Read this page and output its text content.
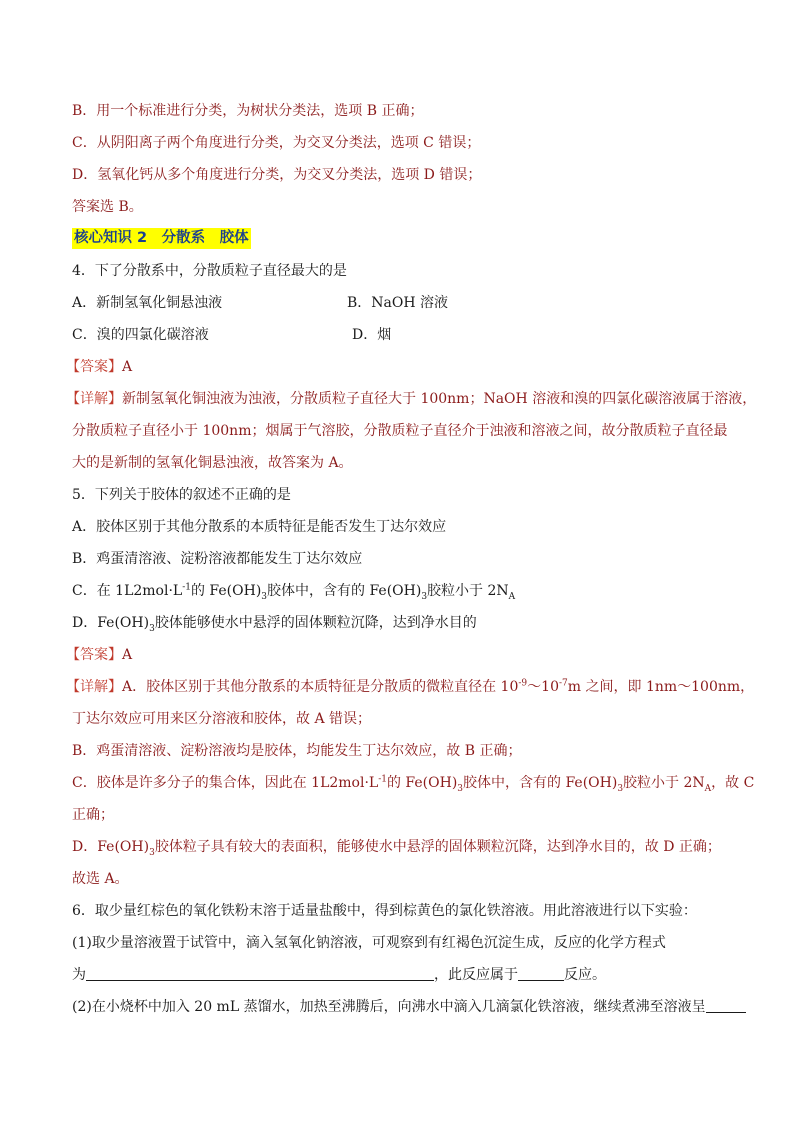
B．用一个标准进行分类，为树状分类法，选项 B 正确；
C．从阴阳离子两个角度进行分类，为交叉分类法，选项 C 错误；
D．氢氧化钙从多个角度进行分类，为交叉分类法，选项 D 错误；
答案选 B。
核心知识 2　分散系　胶体
4．下了分散系中，分散质粒子直径最大的是
A．新制氢氧化铜悬浊液	B．NaOH 溶液
C．溴的四氯化碳溶液	D．烟
【答案】A
【详解】新制氢氧化铜浊液为浊液，分散质粒子直径大于 100nm；NaOH 溶液和溴的四氯化碳溶液属于溶液，
分散质粒子直径小于 100nm；烟属于气溶胶，分散质粒子直径介于浊液和溶液之间，故分散质粒子直径最
大的是新制的氢氧化铜悬浊液，故答案为 A。
5．下列关于胶体的叙述不正确的是
A．胶体区别于其他分散系的本质特征是能否发生丁达尔效应
B．鸡蛋清溶液、淀粉溶液都能发生丁达尔效应
C．在 $1L2mol\cdot L^{-1}$的 $Fe(OH)_3$胶体中，含有的 $Fe(OH)_3$胶粒小于 $2N_A$
D．$Fe(OH)_3$胶体能够使水中悬浮的固体颗粒沉降，达到净水目的
【答案】A
【详解】A．胶体区别于其他分散系的本质特征是分散质的微粒直径在 $10^{-9}\sim 10^{-7}m$ 之间，即 1nm～100nm，
丁达尔效应可用来区分溶液和胶体，故 A 错误；
B．鸡蛋清溶液、淀粉溶液均是胶体，均能发生丁达尔效应，故 B 正确；
C．胶体是许多分子的集合体，因此在 $1L2mol\cdot L^{-1}$的 $Fe(OH)_3$胶体中，含有的 $Fe(OH)_3$胶粒小于 $2N_A$，故 C
正确；
D．$Fe(OH)_3$胶体粒子具有较大的表面积，能够使水中悬浮的固体颗粒沉降，达到净水目的，故 D 正确；
故选 A。
6．取少量红棕色的氧化铁粉末溶于适量盐酸中，得到棕黄色的氯化铁溶液。用此溶液进行以下实验：
(1)取少量溶液置于试管中，滴入氢氧化钠溶液，可观察到有红褐色沉淀生成，反应的化学方程式
为	，此反应属于	反应。
(2)在小烧杯中加入 20 mL 蒸馏水，加热至沸腾后，向沸水中滴入几滴氯化铁溶液，继续煮沸至溶液呈
